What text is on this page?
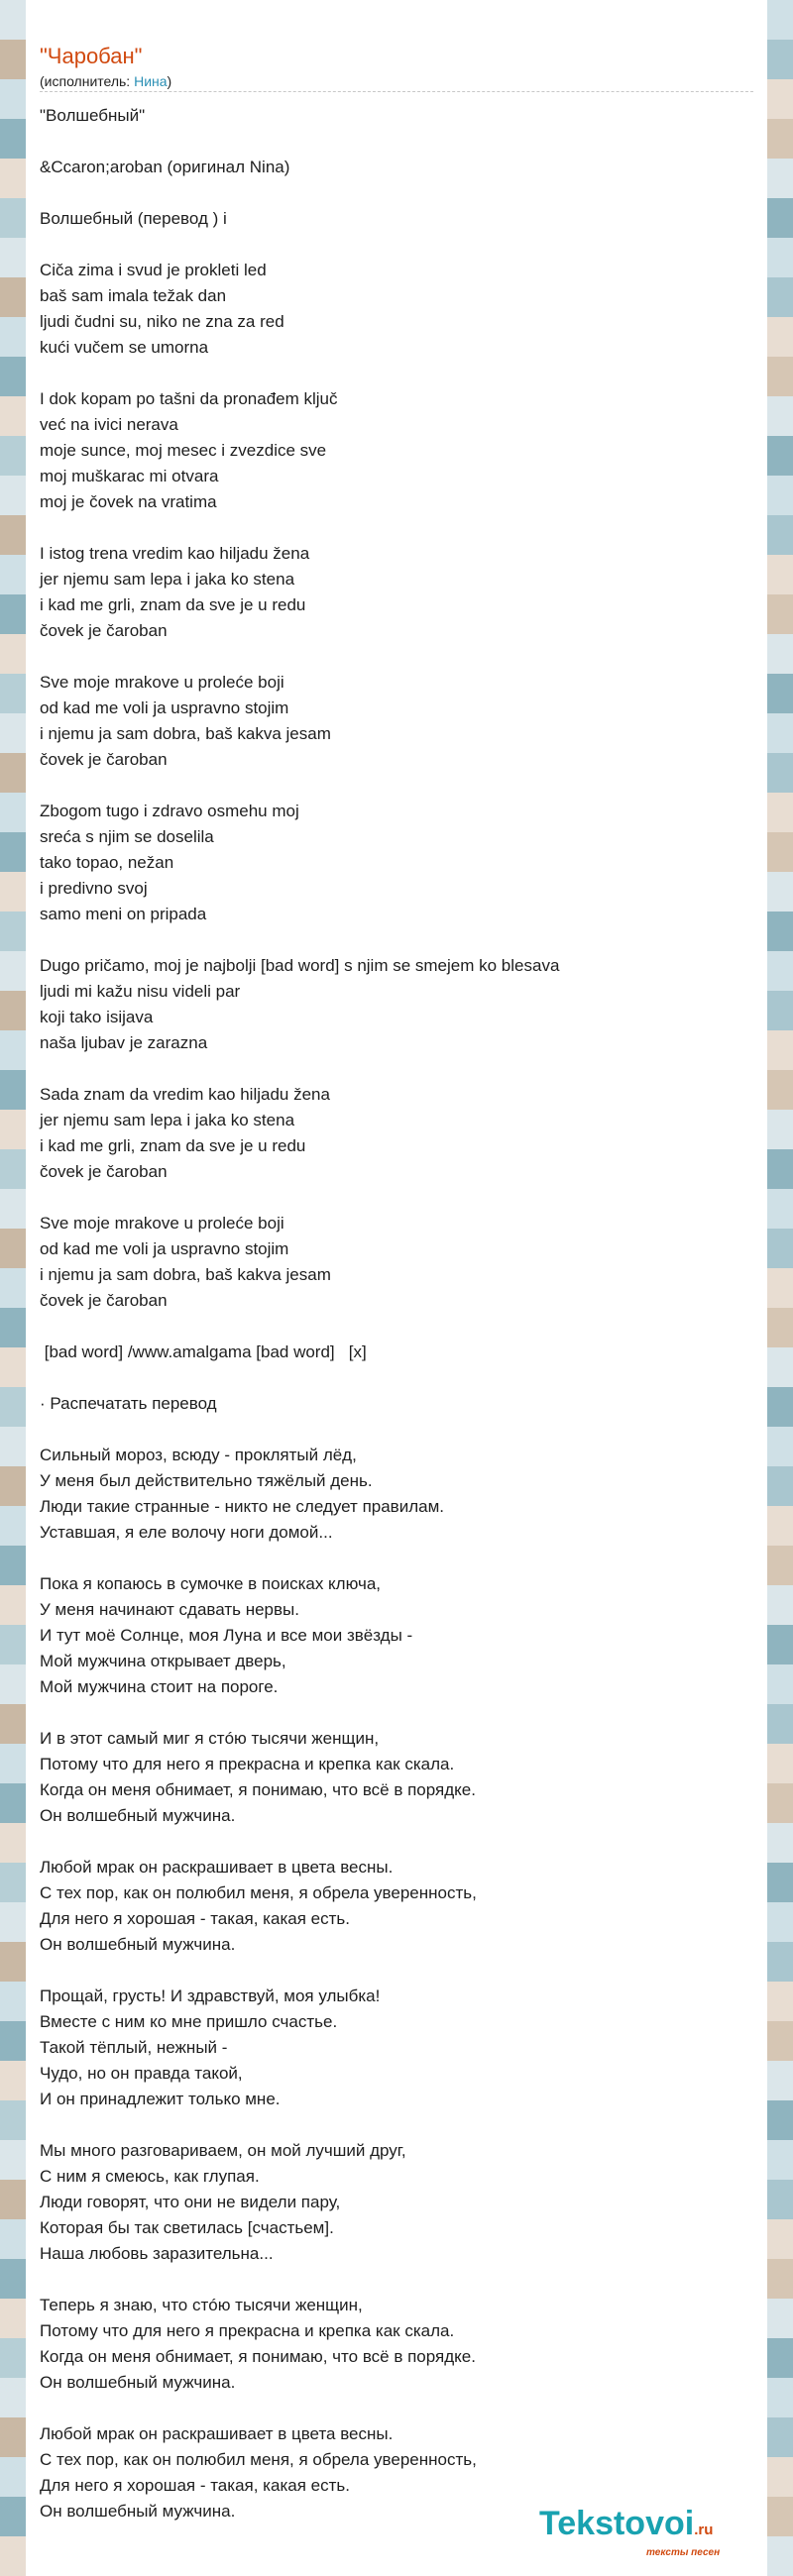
"Чаробан"
(исполнитель: Нина)
"Волшебный"

&Ccaron;aroban (оригинал Nina)

Волшебный (перевод ) i

Ciča zima i svud je prokleti led
baš sam imala težak dan
ljudi čudni su, niko ne zna za red
kući vučem se umorna

I dok kopam po tašni da pronađem ključ
već na ivici nerava
moje sunce, moj mesec i zvezdice sve
moj muškarac mi otvara
moj je čovek na vratima

I istog trena vredim kao hiljadu žena
jer njemu sam lepa i jaka ko stena
i kad me grli, znam da sve je u redu
čovek je čaroban

Sve moje mrakove u proleće boji
od kad me voli ja uspravno stojim
i njemu ja sam dobra, baš kakva jesam
čovek je čaroban

Zbogom tugo i zdravo osmehu moj
sreća s njim se doselila
tako topao, nežan
i predivno svoj
samo meni on pripada

Dugo pričamo, moj je najbolji [bad word] s njim se smejem ko blesava
ljudi mi kažu nisu videli par
koji tako isijava
naša ljubav je zarazna

Sada znam da vredim kao hiljadu žena
jer njemu sam lepa i jaka ko stena
i kad me grli, znam da sve je u redu
čovek je čaroban

Sve moje mrakove u proleće boji
od kad me voli ja uspravno stojim
i njemu ja sam dobra, baš kakva jesam
čovek je čaroban

[bad word] /www.amalgama [bad word]   [x]

· Распечатать перевод

Сильный мороз, всюду - проклятый лёд,
У меня был действительно тяжёлый день.
Люди такие странные - никто не следует правилам.
Уставшая, я еле волочу ноги домой...

Пока я копаюсь в сумочке в поисках ключа,
У меня начинают сдавать нервы.
И тут моё Солнце, моя Луна и все мои звёзды -
Мой мужчина открывает дверь,
Мой мужчина стоит на пороге.

И в этот самый миг я стóю тысячи женщин,
Потому что для него я прекрасна и крепка как скала.
Когда он меня обнимает, я понимаю, что всё в порядке.
Он волшебный мужчина.

Любой мрак он раскрашивает в цвета весны.
С тех пор, как он полюбил меня, я обрела уверенность,
Для него я хорошая - такая, какая есть.
Он волшебный мужчина.

Прощай, грусть! И здравствуй, моя улыбка!
Вместе с ним ко мне пришло счастье.
Такой тёплый, нежный -
Чудо, но он правда такой,
И он принадлежит только мне.

Мы много разговариваем, он мой лучший друг,
С ним я смеюсь, как глупая.
Люди говорят, что они не видели пару,
Которая бы так светилась [счастьем].
Наша любовь заразительна...

Теперь я знаю, что стóю тысячи женщин,
Потому что для него я прекрасна и крепка как скала.
Когда он меня обнимает, я понимаю, что всё в порядке.
Он волшебный мужчина.

Любой мрак он раскрашивает в цвета весны.
С тех пор, как он полюбил меня, я обрела уверенность,
Для него я хорошая - такая, какая есть.
Он волшебный мужчина.	Tekstovoi.ru
тексты песен
